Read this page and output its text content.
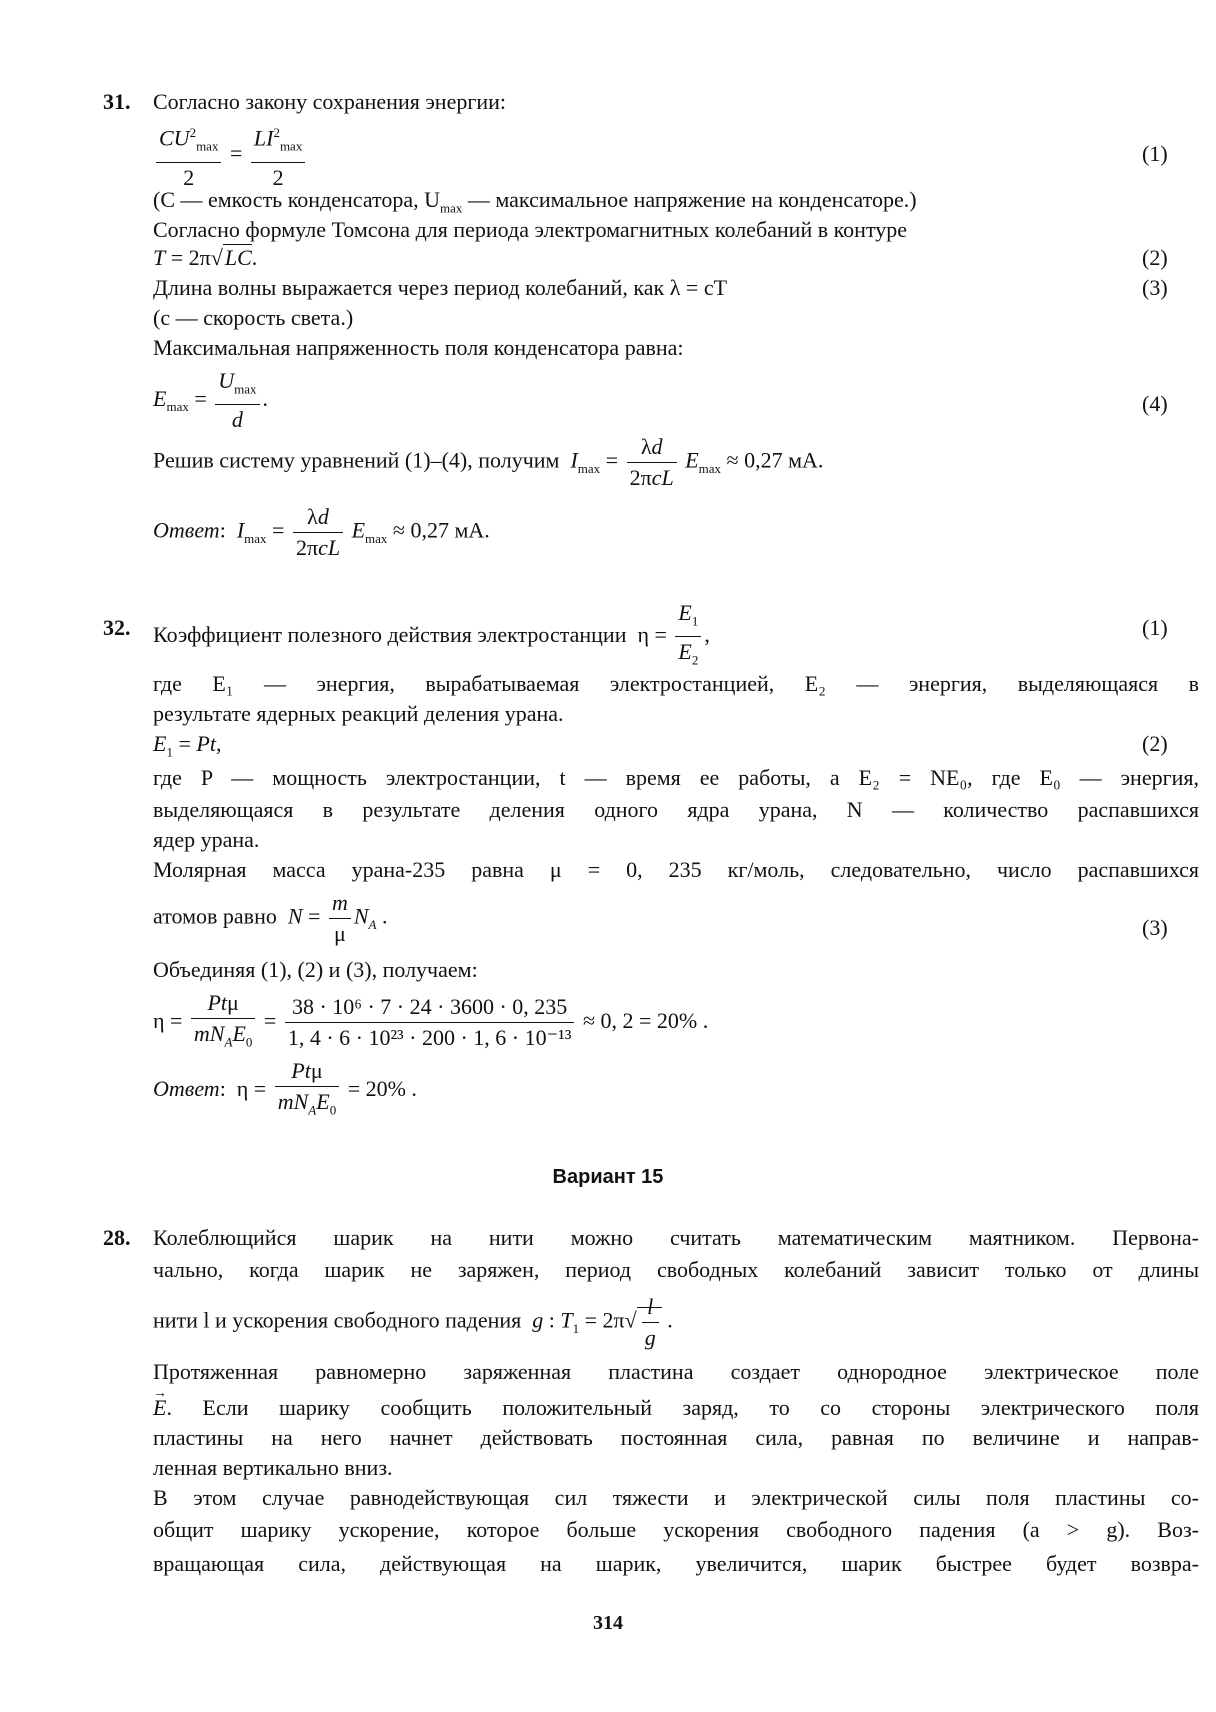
31. Согласно закону сохранения энергии:
$\frac{CU^2_{max}}{2} = \frac{LI^2_{max}}{2}$	(1)
(C — емкость конденсатора, $U_{max}$ — максимальное напряжение на конденсаторе.)
Согласно формуле Томсона для периода электромагнитных колебаний в контуре
T = 2π√LC.	(2)
Длина волны выражается через период колебаний, как λ = cT	(3)
(c — скорость света.)
Максимальная напряженность поля конденсатора равна:
$E_{max} = \frac{U_{max}}{d}$ .	(4)
Решив систему уравнений (1)–(4), получим $I_{max} = \frac{\lambda d}{\text{2πcL}} E_{max} \approx 0,27$ мА.
Ответ:  $I_{max} = \frac{\lambda d}{\text{2πcL}} E_{max} \approx 0,27$ мА.
32. Коэффициент полезного действия электростанции  $\eta = \frac{E_1}{E_2}$ ,	(1)
где E₁ — энергия, вырабатываемая электростанцией, E₂ — энергия, выделяющаяся в
результате ядерных реакций деления урана.
$E_1 = Pt$,	(2)
где P — мощность электростанции, t — время ее работы, а E₂ = NE₀, где E₀ — энергия,
выделяющаяся в результате деления одного ядра урана, N — количество распавшихся
ядер урана.
Молярная масса урана-235 равна μ = 0, 235 кг/моль, следовательно, число распавшихся
атомов равно $N = \frac{m}{\mu} N_A$ .	(3)
Объединяя (1), (2) и (3), получаем:
$\eta = \frac{\text{Ptμ}}{mN_AE_0} = \frac{\text{38 · 10⁶ · 7 · 24 · 3600 · 0, 235}}{\text{1, 4 · 6 · 10²³ · 200 · 1, 6 · 10⁻¹³}} \approx 0$, 2 = 20% .
Ответ:  $\eta = \frac{\text{Ptμ}}{mN_AE_0} = 20\%$ .
Вариант 15
28. Колеблющийся шарик на нити можно считать математическим маятником. Первона-
чально, когда шарик не заряжен, период свободных колебаний зависит только от длины
нити l и ускорения свободного падения g : $T_1 = 2\pi√ \frac{l}{g}$ .
Протяженная равномерно заряженная пластина создает однородное электрическое поле
→ E. Если шарику сообщить положительный заряд, то со стороны электрического поля
пластины на него начнет действовать постоянная сила, равная по величине и направ-
ленная вертикально вниз.
В этом случае равнодействующая сил тяжести и электрической силы поля пластины со-
общит шарику ускорение, которое больше ускорения свободного падения (a > g). Воз-
вращающая сила, действующая на шарик, увеличится, шарик быстрее будет возвра-
314
